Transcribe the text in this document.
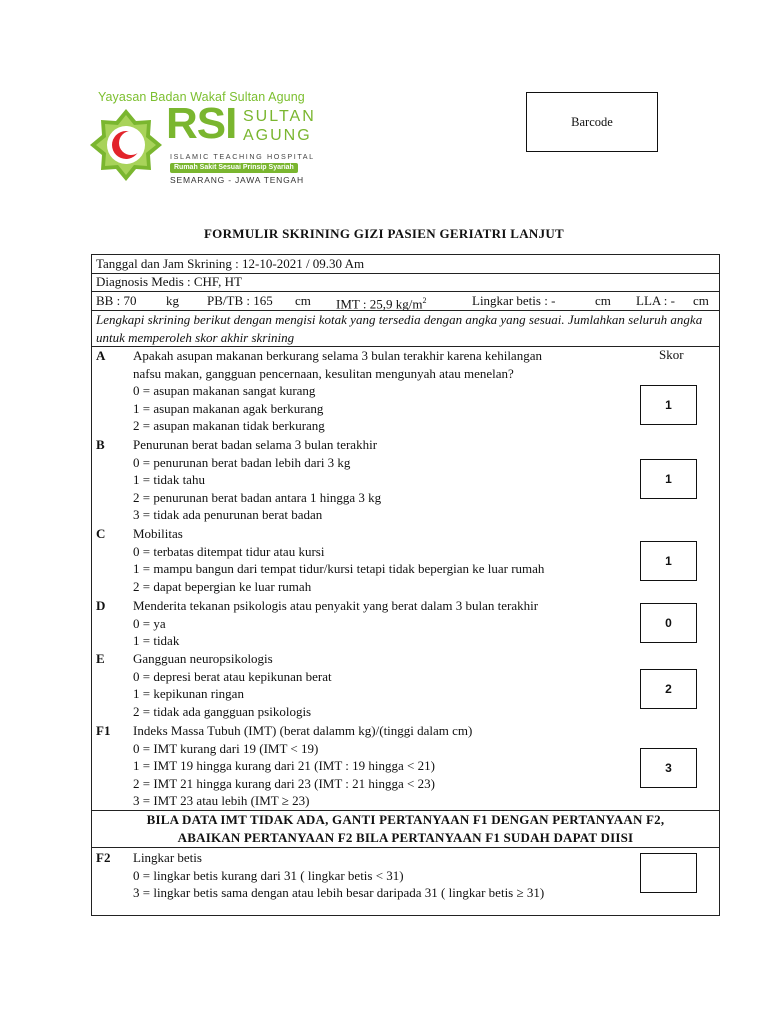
Yayasan Badan Wakaf Sultan Agung
RSI SULTAN
AGUNG
ISLAMIC TEACHING HOSPITAL
Rumah Sakit Sesuai Prinsip Syariah
SEMARANG - JAWA TENGAH
Barcode
FORMULIR SKRINING GIZI PASIEN GERIATRI LANJUT
Tanggal dan Jam Skrining : 12-10-2021 / 09.30 Am
Diagnosis Medis : CHF, HT
BB : 70 kg PB/TB : 165 cm IMT : 25,9 $kg/m^2$	Lingkar betis : -	cm LLA : - cm
Lengkapi skrining berikut dengan mengisi kotak yang tersedia dengan angka yang sesuai. Jumlahkan seluruh angka untuk memperoleh skor akhir skrining
Skor
A Apakah asupan makanan berkurang selama 3 bulan terakhir karena kehilangan
nafsu makan, gangguan pencernaan, kesulitan mengunyah atau menelan?
0 = asupan makanan sangat kurang
1 = asupan makanan agak berkurang
2 = asupan makanan tidak berkurang
1
B Penurunan berat badan selama 3 bulan terakhir
0 = penurunan berat badan lebih dari 3 kg
1 = tidak tahu
2 = penurunan berat badan antara 1 hingga 3 kg
3 = tidak ada penurunan berat badan
1
C Mobilitas
0 = terbatas ditempat tidur atau kursi
1 = mampu bangun dari tempat tidur/kursi tetapi tidak bepergian ke luar rumah
2 = dapat bepergian ke luar rumah
1
D Menderita tekanan psikologis atau penyakit yang berat dalam 3 bulan terakhir
0 = ya
1 = tidak
0
E Gangguan neuropsikologis
0 = depresi berat atau kepikunan berat
1 = kepikunan ringan
2 = tidak ada gangguan psikologis
2
F1 Indeks Massa Tubuh (IMT) (berat dalamm kg)/(tinggi dalam cm)
0 = IMT kurang dari 19 (IMT < 19)
1 = IMT 19 hingga kurang dari 21 (IMT : 19 hingga < 21)
2 = IMT 21 hingga kurang dari 23 (IMT : 21 hingga < 23)
3 = IMT 23 atau lebih (IMT ≥ 23)
3
BILA DATA IMT TIDAK ADA, GANTI PERTANYAAN F1 DENGAN PERTANYAAN F2,
ABAIKAN PERTANYAAN F2 BILA PERTANYAAN F1 SUDAH DAPAT DIISI
F2 Lingkar betis
0 = lingkar betis kurang dari 31 ( lingkar betis < 31)
3 = lingkar betis sama dengan atau lebih besar daripada 31 ( lingkar betis ≥ 31)
